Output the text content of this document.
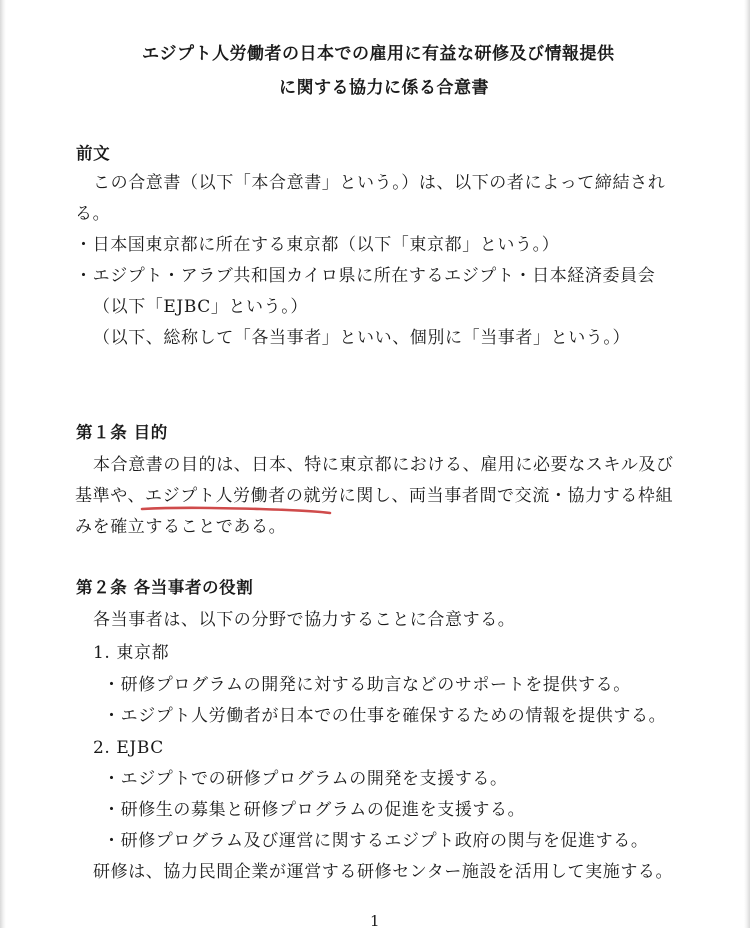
エジプト人労働者の日本での雇用に有益な研修及び情報提供
に関する協力に係る合意書
前文
この合意書（以下「本合意書」という。）は、以下の者によって締結され
る。
・日本国東京都に所在する東京都（以下「東京都」という。）
・エジプト・アラブ共和国カイロ県に所在するエジプト・日本経済委員会
（以下「EJBC」という。）
（以下、総称して「各当事者」といい、個別に「当事者」という。）
第１条 目的
本合意書の目的は、日本、特に東京都における、雇用に必要なスキル及び
基準や、エジプト人労働者の就労に関し、両当事者間で交流・協力する枠組
みを確立することである。
第２条 各当事者の役割
各当事者は、以下の分野で協力することに合意する。
1. 東京都
・研修プログラムの開発に対する助言などのサポートを提供する。
・エジプト人労働者が日本での仕事を確保するための情報を提供する。
2. EJBC
・エジプトでの研修プログラムの開発を支援する。
・研修生の募集と研修プログラムの促進を支援する。
・研修プログラム及び運営に関するエジプト政府の関与を促進する。
研修は、協力民間企業が運営する研修センター施設を活用して実施する。
1
